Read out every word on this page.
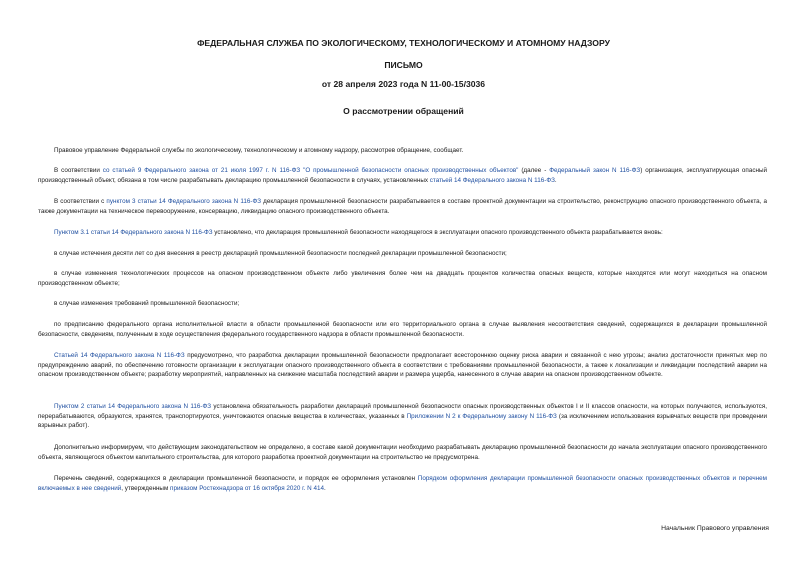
ФЕДЕРАЛЬНАЯ СЛУЖБА ПО ЭКОЛОГИЧЕСКОМУ, ТЕХНОЛОГИЧЕСКОМУ И АТОМНОМУ НАДЗОРУ
ПИСЬМО
от 28 апреля 2023 года N 11-00-15/3036
О рассмотрении обращений

Правовое управление Федеральной службы по экологическому, технологическому и атомному надзору, рассмотрев обращение, сообщает.

В соответствии со статьей 9 Федерального закона от 21 июля 1997 г. N 116-ФЗ "О промышленной безопасности опасных производственных объектов" (далее - Федеральный закон N 116-ФЗ) организация, эксплуатирующая опасный производственный объект, обязана в том числе разрабатывать декларацию промышленной безопасности в случаях, установленных статьей 14 Федерального закона N 116-ФЗ.

В соответствии с пунктом 3 статьи 14 Федерального закона N 116-ФЗ декларация промышленной безопасности разрабатывается в составе проектной документации на строительство, реконструкцию опасного производственного объекта, а также документации на техническое перевооружение, консервацию, ликвидацию опасного производственного объекта.

Пунктом 3.1 статьи 14 Федерального закона N 116-ФЗ установлено, что декларация промышленной безопасности находящегося в эксплуатации опасного производственного объекта разрабатывается вновь:

в случае истечения десяти лет со дня внесения в реестр деклараций промышленной безопасности последней декларации промышленной безопасности;

в случае изменения технологических процессов на опасном производственном объекте либо увеличения более чем на двадцать процентов количества опасных веществ, которые находятся или могут находиться на опасном производственном объекте;

в случае изменения требований промышленной безопасности;

по предписанию федерального органа исполнительной власти в области промышленной безопасности или его территориального органа в случае выявления несоответствия сведений, содержащихся в декларации промышленной безопасности, сведениям, полученным в ходе осуществления федерального государственного надзора в области промышленной безопасности.

Статьей 14 Федерального закона N 116-ФЗ предусмотрено, что разработка декларации промышленной безопасности предполагает всестороннюю оценку риска аварии и связанной с нею угрозы; анализ достаточности принятых мер по предупреждению аварий, по обеспечению готовности организации к эксплуатации опасного производственного объекта в соответствии с требованиями промышленной безопасности, а также к локализации и ликвидации последствий аварии на опасном производственном объекте; разработку мероприятий, направленных на снижение масштаба последствий аварии и размера ущерба, нанесенного в случае аварии на опасном производственном объекте.

Пунктом 2 статьи 14 Федерального закона N 116-ФЗ установлена обязательность разработки деклараций промышленной безопасности опасных производственных объектов I и II классов опасности, на которых получаются, используются, перерабатываются, образуются, хранятся, транспортируются, уничтожаются опасные вещества в количествах, указанных в Приложении N 2 к Федеральному закону N 116-ФЗ (за исключением использования взрывчатых веществ при проведении взрывных работ).

Дополнительно информируем, что действующим законодательством не определено, в составе какой документации необходимо разрабатывать декларацию промышленной безопасности до начала эксплуатации опасного производственного объекта, являющегося объектом капитального строительства, для которого разработка проектной документации на строительство не предусмотрена.

Перечень сведений, содержащихся в декларации промышленной безопасности, и порядок ее оформления установлен Порядком оформления декларации промышленной безопасности опасных производственных объектов и перечнем включаемых в нее сведений, утвержденным приказом Ростехнадзора от 16 октября 2020 г. N 414.

Начальник Правового управления
